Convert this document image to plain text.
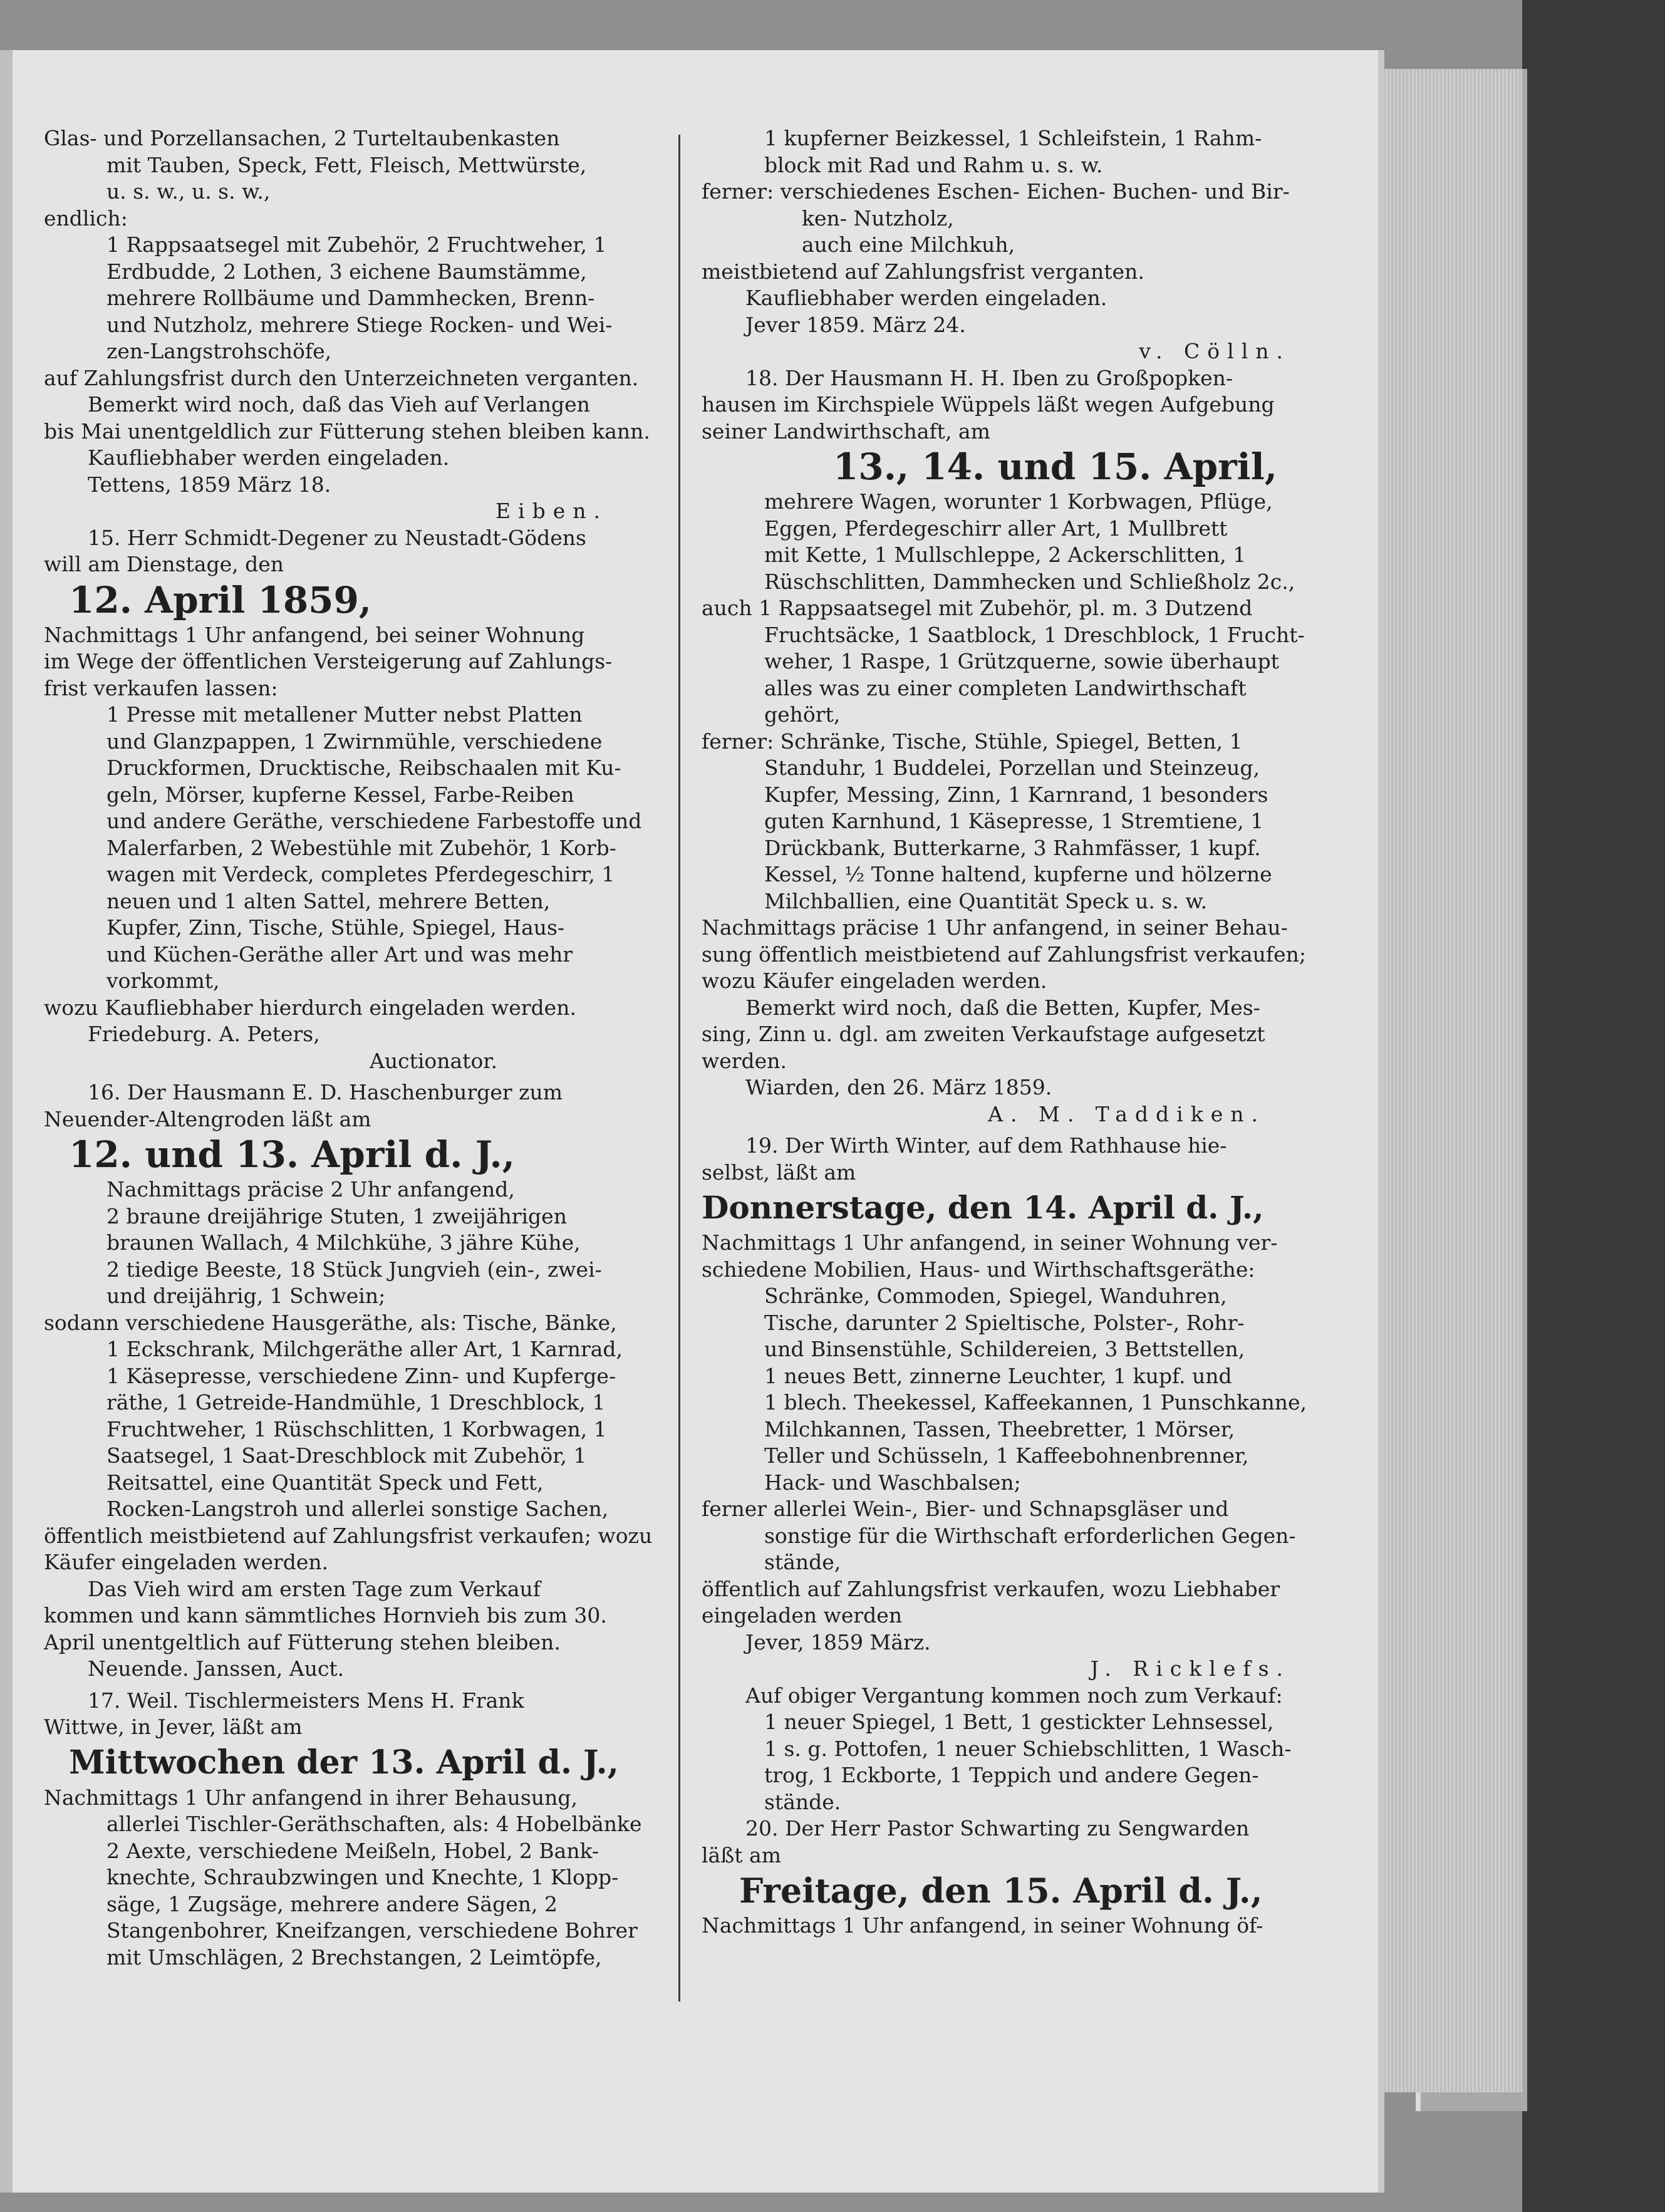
Glas- und Porzellansachen, 2 Turteltaubenkasten
mit Tauben, Speck, Fett, Fleisch, Mettwürste,
u. s. w., u. s. w.,
endlich:
1 Rappsaatsegel mit Zubehör, 2 Fruchtweher, 1
Erdbudde, 2 Lothen, 3 eichene Baumstämme,
mehrere Rollbäume und Dammhecken, Brenn-
und Nutzholz, mehrere Stiege Rocken- und Wei-
zen-Langstrohschöfe,
auf Zahlungsfrist durch den Unterzeichneten verganten.
Bemerkt wird noch, daß das Vieh auf Verlangen
bis Mai unentgeldlich zur Fütterung stehen bleiben kann.
Kaufliebhaber werden eingeladen.
Tettens, 1859 März 18.
Eiben.
15. Herr Schmidt-Degener zu Neustadt-Gödens
will am Dienstage, den
12. April 1859,
Nachmittags 1 Uhr anfangend, bei seiner Wohnung
im Wege der öffentlichen Versteigerung auf Zahlungs-
frist verkaufen lassen:
1 Presse mit metallener Mutter nebst Platten
und Glanzpappen, 1 Zwirnmühle, verschiedene
Druckformen, Drucktische, Reibschaalen mit Ku-
geln, Mörser, kupferne Kessel, Farbe-Reiben
und andere Geräthe, verschiedene Farbestoffe und
Malerfarben, 2 Webestühle mit Zubehör, 1 Korb-
wagen mit Verdeck, completes Pferdegeschirr, 1
neuen und 1 alten Sattel, mehrere Betten,
Kupfer, Zinn, Tische, Stühle, Spiegel, Haus-
und Küchen-Geräthe aller Art und was mehr
vorkommt,
wozu Kaufliebhaber hierdurch eingeladen werden.
Friedeburg. A. Peters,
Auctionator.
16. Der Hausmann E. D. Haschenburger zum
Neuender-Altengroden läßt am
12. und 13. April d. J.,
Nachmittags präcise 2 Uhr anfangend,
2 braune dreijährige Stuten, 1 zweijährigen
braunen Wallach, 4 Milchkühe, 3 jähre Kühe,
2 tiedige Beeste, 18 Stück Jungvieh (ein-, zwei-
und dreijährig, 1 Schwein;
sodann verschiedene Hausgeräthe, als: Tische, Bänke,
1 Eckschrank, Milchgeräthe aller Art, 1 Karnrad,
1 Käsepresse, verschiedene Zinn- und Kupferge-
räthe, 1 Getreide-Handmühle, 1 Dreschblock, 1
Fruchtweher, 1 Rüschschlitten, 1 Korbwagen, 1
Saatsegel, 1 Saat-Dreschblock mit Zubehör, 1
Reitsattel, eine Quantität Speck und Fett,
Rocken-Langstroh und allerlei sonstige Sachen,
öffentlich meistbietend auf Zahlungsfrist verkaufen; wozu
Käufer eingeladen werden.
Das Vieh wird am ersten Tage zum Verkauf
kommen und kann sämmtliches Hornvieh bis zum 30.
April unentgeltlich auf Fütterung stehen bleiben.
Neuende. Janssen, Auct.
17. Weil. Tischlermeisters Mens H. Frank
Wittwe, in Jever, läßt am
Mittwochen der 13. April d. J.,
Nachmittags 1 Uhr anfangend in ihrer Behausung,
allerlei Tischler-Geräthschaften, als: 4 Hobelbänke
2 Aexte, verschiedene Meißeln, Hobel, 2 Bank-
knechte, Schraubzwingen und Knechte, 1 Klopp-
säge, 1 Zugsäge, mehrere andere Sägen, 2
Stangenbohrer, Kneifzangen, verschiedene Bohrer
mit Umschlägen, 2 Brechstangen, 2 Leimtöpfe,
1 kupferner Beizkessel, 1 Schleifstein, 1 Rahm-
block mit Rad und Rahm u. s. w.
ferner: verschiedenes Eschen- Eichen- Buchen- und Bir-
ken- Nutzholz,
auch eine Milchkuh,
meistbietend auf Zahlungsfrist verganten.
Kaufliebhaber werden eingeladen.
Jever 1859. März 24.
v. Cölln.
18. Der Hausmann H. H. Iben zu Großpopken-
hausen im Kirchspiele Wüppels läßt wegen Aufgebung
seiner Landwirthschaft, am
13., 14. und 15. April,
mehrere Wagen, worunter 1 Korbwagen, Pflüge,
Eggen, Pferdegeschirr aller Art, 1 Mullbrett
mit Kette, 1 Mullschleppe, 2 Ackerschlitten, 1
Rüschschlitten, Dammhecken und Schließholz 2c.,
auch 1 Rappsaatsegel mit Zubehör, pl. m. 3 Dutzend
Fruchtsäcke, 1 Saatblock, 1 Dreschblock, 1 Frucht-
weher, 1 Raspe, 1 Grützquerne, sowie überhaupt
alles was zu einer completen Landwirthschaft
gehört,
ferner: Schränke, Tische, Stühle, Spiegel, Betten, 1
Standuhr, 1 Buddelei, Porzellan und Steinzeug,
Kupfer, Messing, Zinn, 1 Karnrand, 1 besonders
guten Karnhund, 1 Käsepresse, 1 Stremtiene, 1
Drückbank, Butterkarne, 3 Rahmfässer, 1 kupf.
Kessel, ½ Tonne haltend, kupferne und hölzerne
Milchballien, eine Quantität Speck u. s. w.
Nachmittags präcise 1 Uhr anfangend, in seiner Behau-
sung öffentlich meistbietend auf Zahlungsfrist verkaufen;
wozu Käufer eingeladen werden.
Bemerkt wird noch, daß die Betten, Kupfer, Mes-
sing, Zinn u. dgl. am zweiten Verkaufstage aufgesetzt
werden.
Wiarden, den 26. März 1859.
A. M. Taddiken.
19. Der Wirth Winter, auf dem Rathhause hie-
selbst, läßt am
Donnerstage, den 14. April d. J.,
Nachmittags 1 Uhr anfangend, in seiner Wohnung ver-
schiedene Mobilien, Haus- und Wirthschaftsgeräthe:
Schränke, Commoden, Spiegel, Wanduhren,
Tische, darunter 2 Spieltische, Polster-, Rohr-
und Binsenstühle, Schildereien, 3 Bettstellen,
1 neues Bett, zinnerne Leuchter, 1 kupf. und
1 blech. Theekessel, Kaffeekannen, 1 Punschkanne,
Milchkannen, Tassen, Theebretter, 1 Mörser,
Teller und Schüsseln, 1 Kaffeebohnenbrenner,
Hack- und Waschbalsen;
ferner allerlei Wein-, Bier- und Schnapsgläser und
sonstige für die Wirthschaft erforderlichen Gegen-
stände,
öffentlich auf Zahlungsfrist verkaufen, wozu Liebhaber
eingeladen werden
Jever, 1859 März.
J. Ricklefs.
Auf obiger Vergantung kommen noch zum Verkauf:
1 neuer Spiegel, 1 Bett, 1 gestickter Lehnsessel,
1 s. g. Pottofen, 1 neuer Schiebschlitten, 1 Wasch-
trog, 1 Eckborte, 1 Teppich und andere Gegen-
stände.
20. Der Herr Pastor Schwarting zu Sengwarden
läßt am
Freitage, den 15. April d. J.,
Nachmittags 1 Uhr anfangend, in seiner Wohnung öf-
